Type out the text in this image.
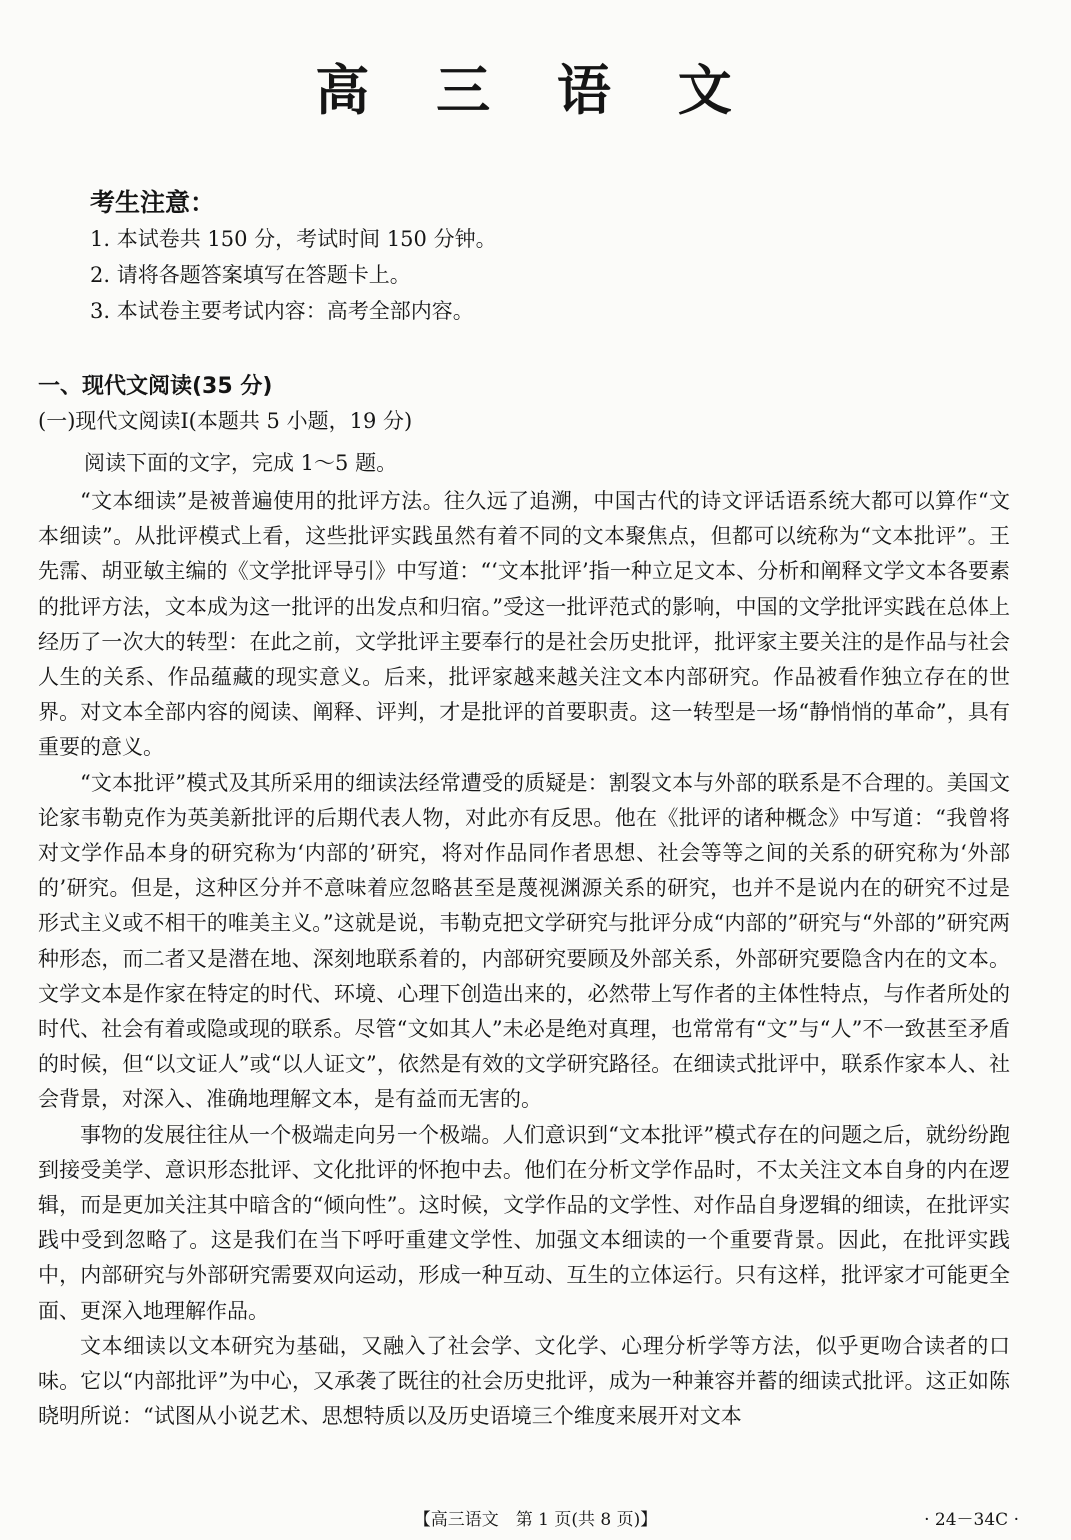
高 三 语 文
考生注意：
1. 本试卷共 150 分，考试时间 150 分钟。
2. 请将各题答案填写在答题卡上。
3. 本试卷主要考试内容：高考全部内容。
一、现代文阅读(35 分)
(一)现代文阅读Ⅰ(本题共 5 小题，19 分)
阅读下面的文字，完成 1～5 题。

“文本细读”是被普遍使用的批评方法。往久远了追溯，中国古代的诗文评话语系统大都可以算作“文本细读”。从批评模式上看，这些批评实践虽然有着不同的文本聚焦点，但都可以统称为“文本批评”。王先霈、胡亚敏主编的《文学批评导引》中写道：“‘文本批评’指一种立足文本、分析和阐释文学文本各要素的批评方法，文本成为这一批评的出发点和归宿。”受这一批评范式的影响，中国的文学批评实践在总体上经历了一次大的转型：在此之前，文学批评主要奉行的是社会历史批评，批评家主要关注的是作品与社会人生的关系、作品蕴藏的现实意义。后来，批评家越来越关注文本内部研究。作品被看作独立存在的世界。对文本全部内容的阅读、阐释、评判，才是批评的首要职责。这一转型是一场“静悄悄的革命”，具有重要的意义。

“文本批评”模式及其所采用的细读法经常遭受的质疑是：割裂文本与外部的联系是不合理的。美国文论家韦勒克作为英美新批评的后期代表人物，对此亦有反思。他在《批评的诸种概念》中写道：“我曾将对文学作品本身的研究称为‘内部的’研究，将对作品同作者思想、社会等等之间的关系的研究称为‘外部的’研究。但是，这种区分并不意味着应忽略甚至是蔑视渊源关系的研究，也并不是说内在的研究不过是形式主义或不相干的唯美主义。”这就是说，韦勒克把文学研究与批评分成“内部的”研究与“外部的”研究两种形态，而二者又是潜在地、深刻地联系着的，内部研究要顾及外部关系，外部研究要隐含内在的文本。文学文本是作家在特定的时代、环境、心理下创造出来的，必然带上写作者的主体性特点，与作者所处的时代、社会有着或隐或现的联系。尽管“文如其人”未必是绝对真理，也常常有“文”与“人”不一致甚至矛盾的时候，但“以文证人”或“以人证文”，依然是有效的文学研究路径。在细读式批评中，联系作家本人、社会背景，对深入、准确地理解文本，是有益而无害的。

事物的发展往往从一个极端走向另一个极端。人们意识到“文本批评”模式存在的问题之后，就纷纷跑到接受美学、意识形态批评、文化批评的怀抱中去。他们在分析文学作品时，不太关注文本自身的内在逻辑，而是更加关注其中暗含的“倾向性”。这时候，文学作品的文学性、对作品自身逻辑的细读，在批评实践中受到忽略了。这是我们在当下呼吁重建文学性、加强文本细读的一个重要背景。因此，在批评实践中，内部研究与外部研究需要双向运动，形成一种互动、互生的立体运行。只有这样，批评家才可能更全面、更深入地理解作品。

文本细读以文本研究为基础，又融入了社会学、文化学、心理分析学等方法，似乎更吻合读者的口味。它以“内部批评”为中心，又承袭了既往的社会历史批评，成为一种兼容并蓄的细读式批评。这正如陈晓明所说：“试图从小说艺术、思想特质以及历史语境三个维度来展开对文本

【高三语文　第 1 页(共 8 页)】	· 24－34C ·
